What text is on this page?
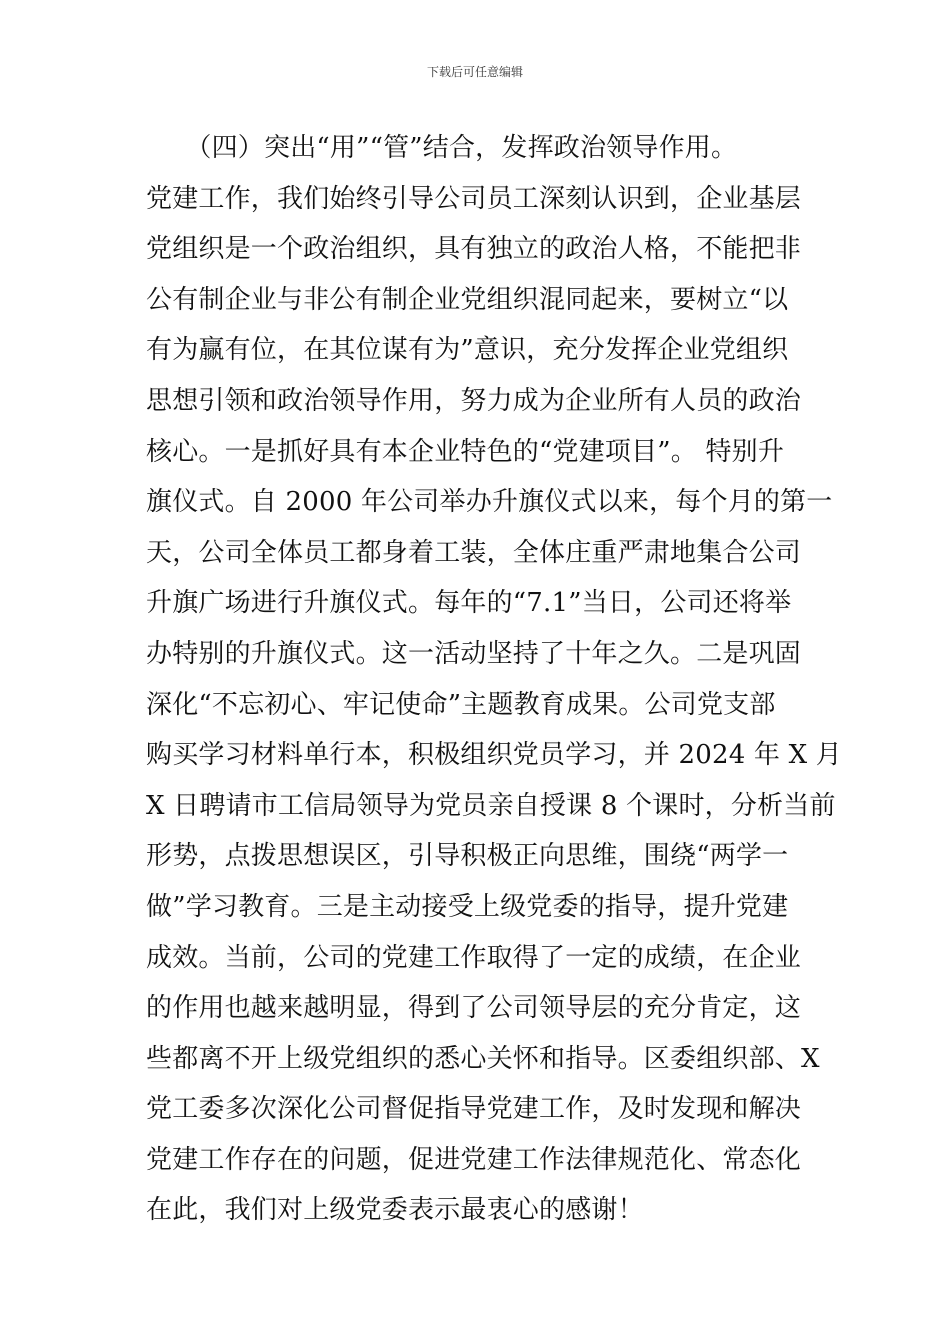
下载后可任意编辑
　　（四）突出“用”“管”结合，发挥政治领导作用。
党建工作，我们始终引导公司员工深刻认识到，企业基层
党组织是一个政治组织，具有独立的政治人格，不能把非
公有制企业与非公有制企业党组织混同起来，要树立“以
有为赢有位，在其位谋有为”意识，充分发挥企业党组织
思想引领和政治领导作用，努力成为企业所有人员的政治
核心。一是抓好具有本企业特色的“党建项目”。 特别升
旗仪式。自 2000 年公司举办升旗仪式以来，每个月的第一
天，公司全体员工都身着工装，全体庄重严肃地集合公司
升旗广场进行升旗仪式。每年的“7.1”当日，公司还将举
办特别的升旗仪式。这一活动坚持了十年之久。二是巩固
深化“不忘初心、牢记使命”主题教育成果。公司党支部
购买学习材料单行本，积极组织党员学习，并 2024 年 X 月
X 日聘请市工信局领导为党员亲自授课 8 个课时，分析当前
形势，点拨思想误区，引导积极正向思维，围绕“两学一
做”学习教育。三是主动接受上级党委的指导，提升党建
成效。当前，公司的党建工作取得了一定的成绩，在企业
的作用也越来越明显，得到了公司领导层的充分肯定，这
些都离不开上级党组织的悉心关怀和指导。区委组织部、X
党工委多次深化公司督促指导党建工作，及时发现和解决
党建工作存在的问题，促进党建工作法律规范化、常态化
在此，我们对上级党委表示最衷心的感谢！
